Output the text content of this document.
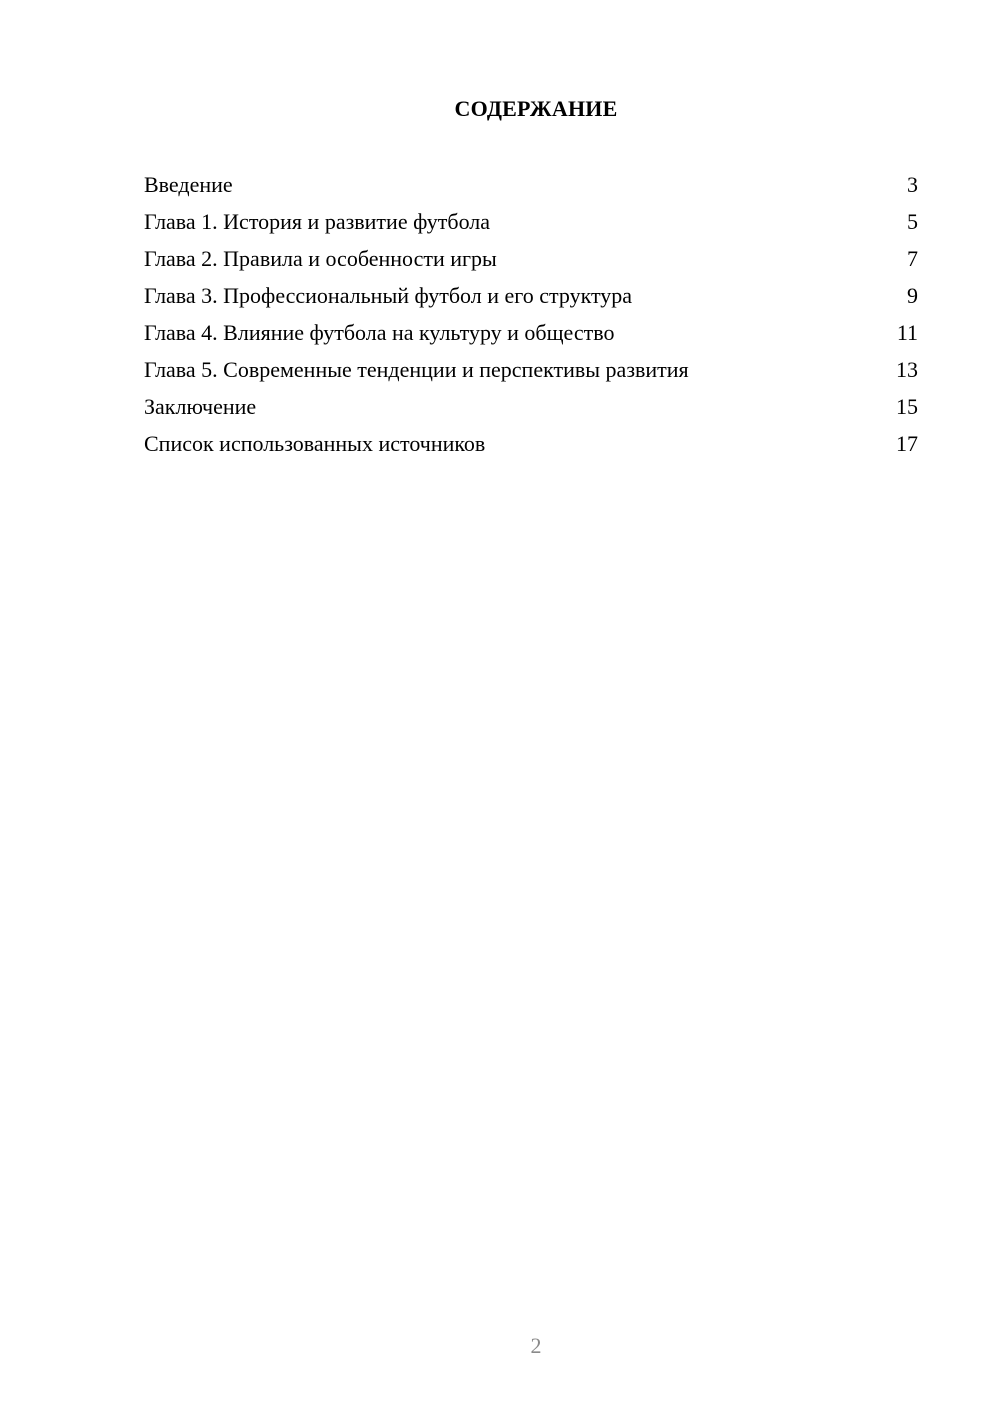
СОДЕРЖАНИЕ
Введение	3
Глава 1. История и развитие футбола	5
Глава 2. Правила и особенности игры	7
Глава 3. Профессиональный футбол и его структура	9
Глава 4. Влияние футбола на культуру и общество	11
Глава 5. Современные тенденции и перспективы развития	13
Заключение	15
Список использованных источников	17
2
